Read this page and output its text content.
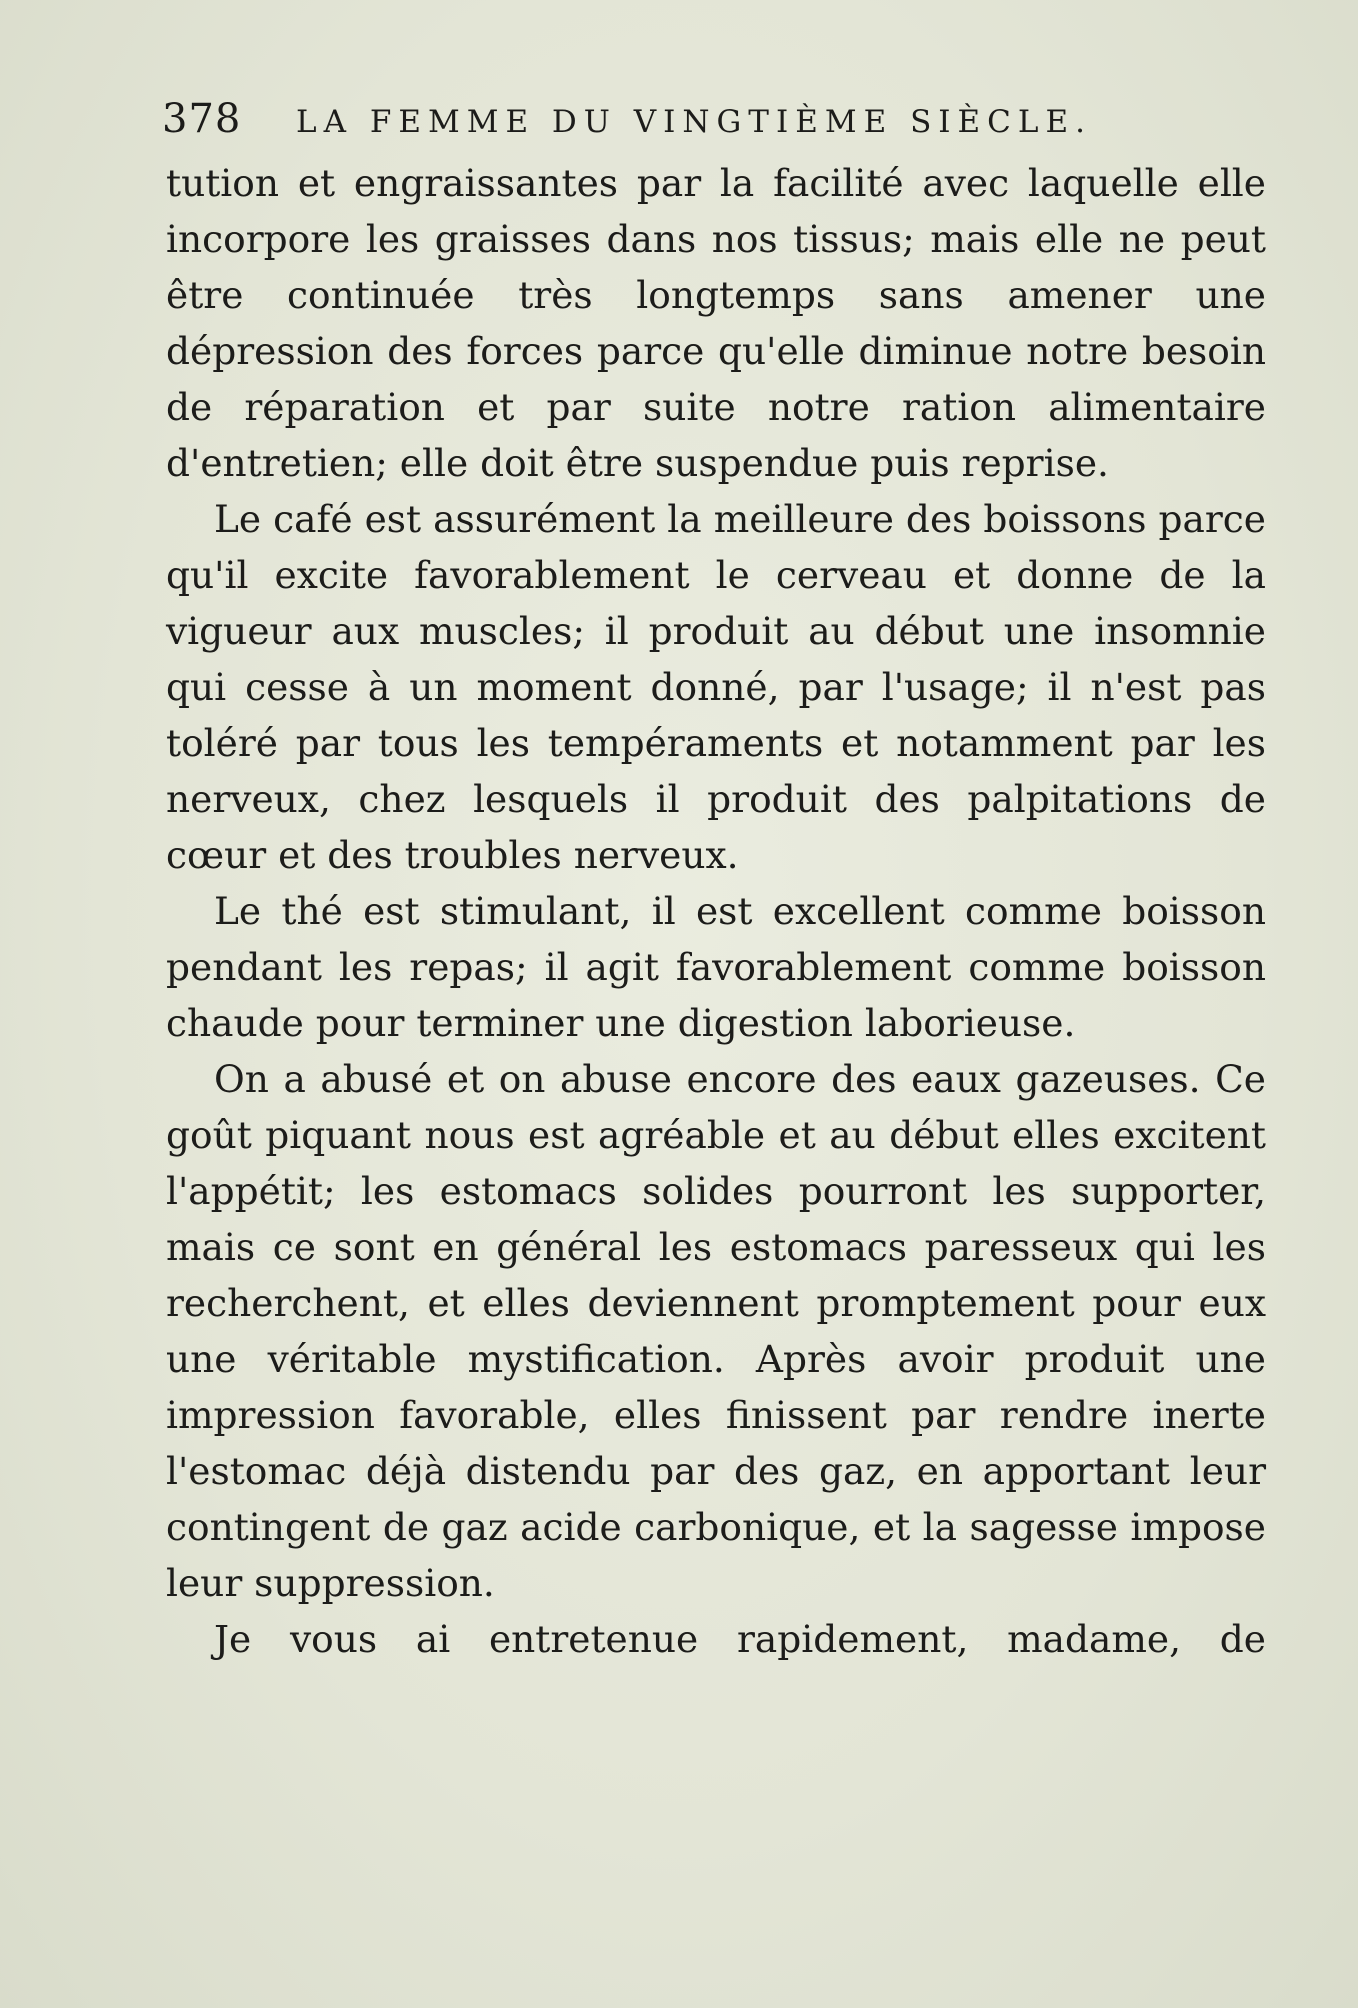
378 LA FEMME DU VINGTIÈME SIÈCLE.

tution et engraissantes par la facilité avec laquelle elle incorpore les graisses dans nos tissus; mais elle ne peut être continuée très longtemps sans amener une dépression des forces parce qu'elle diminue notre besoin de réparation et par suite notre ration alimentaire d'entretien; elle doit être suspendue puis reprise.

Le café est assurément la meilleure des boissons parce qu'il excite favorablement le cerveau et donne de la vigueur aux muscles; il produit au début une insomnie qui cesse à un moment donné, par l'usage; il n'est pas toléré par tous les tempéraments et notamment par les nerveux, chez lesquels il produit des palpitations de cœur et des troubles nerveux.

Le thé est stimulant, il est excellent comme boisson pendant les repas; il agit favorablement comme boisson chaude pour terminer une digestion laborieuse.

On a abusé et on abuse encore des eaux gazeuses. Ce goût piquant nous est agréable et au début elles excitent l'appétit; les estomacs solides pourront les supporter, mais ce sont en général les estomacs paresseux qui les recherchent, et elles deviennent promptement pour eux une véritable mystification. Après avoir produit une impression favorable, elles finissent par rendre inerte l'estomac déjà distendu par des gaz, en apportant leur contingent de gaz acide carbonique, et la sagesse impose leur suppression.

Je vous ai entretenue rapidement, madame, de
